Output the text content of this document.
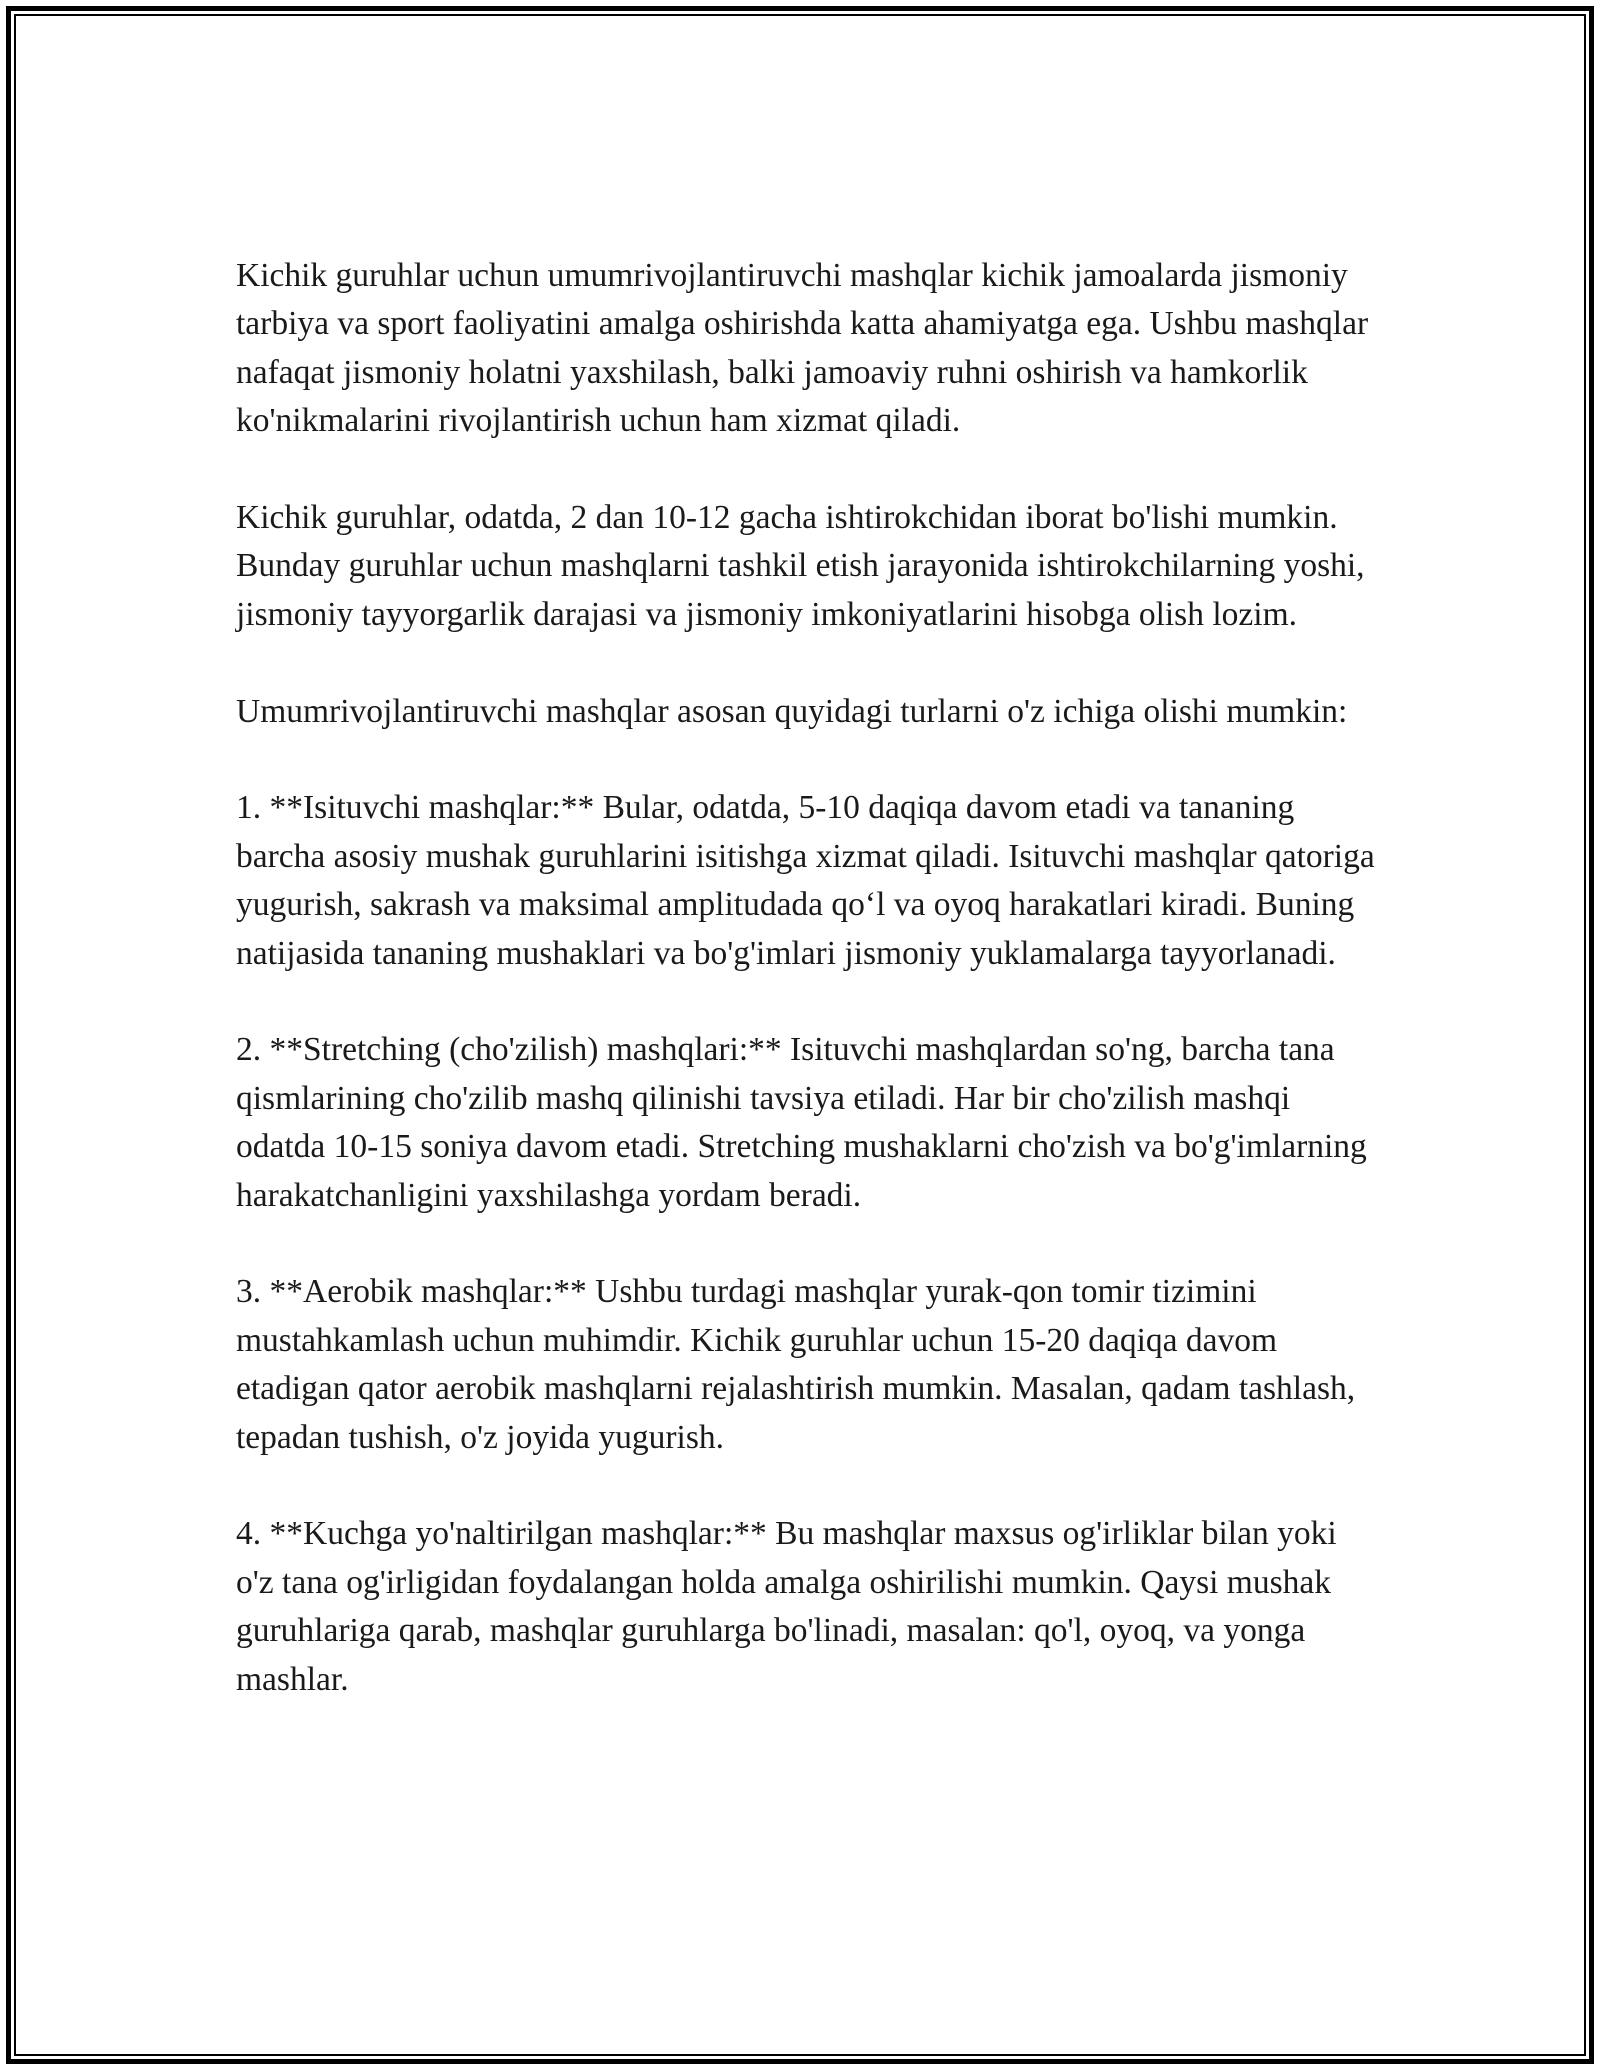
Kichik guruhlar uchun umumrivojlantiruvchi mashqlar kichik jamoalarda jismoniy tarbiya va sport faoliyatini amalga oshirishda katta ahamiyatga ega. Ushbu mashqlar nafaqat jismoniy holatni yaxshilash, balki jamoaviy ruhni oshirish va hamkorlik ko'nikmalarini rivojlantirish uchun ham xizmat qiladi.

Kichik guruhlar, odatda, 2 dan 10-12 gacha ishtirokchidan iborat bo'lishi mumkin. Bunday guruhlar uchun mashqlarni tashkil etish jarayonida ishtirokchilarning yoshi, jismoniy tayyorgarlik darajasi va jismoniy imkoniyatlarini hisobga olish lozim.

Umumrivojlantiruvchi mashqlar asosan quyidagi turlarni o'z ichiga olishi mumkin:

1. **Isituvchi mashqlar:** Bular, odatda, 5-10 daqiqa davom etadi va tananing barcha asosiy mushak guruhlarini isitishga xizmat qiladi. Isituvchi mashqlar qatoriga yugurish, sakrash va maksimal amplitudada qo‘l va oyoq harakatlari kiradi. Buning natijasida tananing mushaklari va bo'g'imlari jismoniy yuklamalarga tayyorlanadi.

2. **Stretching (cho'zilish) mashqlari:** Isituvchi mashqlardan so'ng, barcha tana qismlarining cho'zilib mashq qilinishi tavsiya etiladi. Har bir cho'zilish mashqi odatda 10-15 soniya davom etadi. Stretching mushaklarni cho'zish va bo'g'imlarning harakatchanligini yaxshilashga yordam beradi.

3. **Aerobik mashqlar:** Ushbu turdagi mashqlar yurak-qon tomir tizimini mustahkamlash uchun muhimdir. Kichik guruhlar uchun 15-20 daqiqa davom etadigan qator aerobik mashqlarni rejalashtirish mumkin. Masalan, qadam tashlash, tepadan tushish, o'z joyida yugurish.

4. **Kuchga yo'naltirilgan mashqlar:** Bu mashqlar maxsus og'irliklar bilan yoki o'z tana og'irligidan foydalangan holda amalga oshirilishi mumkin. Qaysi mushak guruhlariga qarab, mashqlar guruhlarga bo'linadi, masalan: qo'l, oyoq, va yonga mashlar.
